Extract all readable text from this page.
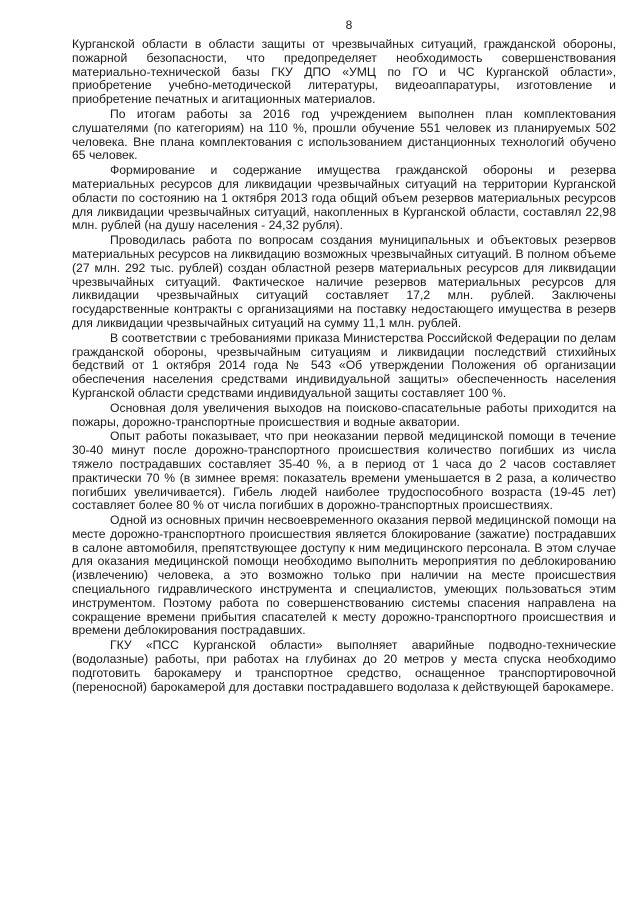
8

Курганской области в области защиты от чрезвычайных ситуаций, гражданской обороны, пожарной безопасности, что предопределяет необходимость совершенствования материально-технической базы ГКУ ДПО «УМЦ по ГО и ЧС Курганской области», приобретение учебно-методической литературы, видеоаппаратуры, изготовление и приобретение печатных и агитационных материалов.

По итогам работы за 2016 год учреждением выполнен план комплектования слушателями (по категориям) на 110 %, прошли обучение 551 человек из планируемых 502 человека. Вне плана комплектования с использованием дистанционных технологий обучено 65 человек.

Формирование и содержание имущества гражданской обороны и резерва материальных ресурсов для ликвидации чрезвычайных ситуаций на территории Курганской области по состоянию на 1 октября 2013 года общий объем резервов материальных ресурсов для ликвидации чрезвычайных ситуаций, накопленных в Курганской области, составлял 22,98 млн. рублей (на душу населения - 24,32 рубля).

Проводилась работа по вопросам создания муниципальных и объектовых резервов материальных ресурсов на ликвидацию возможных чрезвычайных ситуаций. В полном объеме (27 млн. 292 тыс. рублей) создан областной резерв материальных ресурсов для ликвидации чрезвычайных ситуаций. Фактическое наличие резервов материальных ресурсов для ликвидации чрезвычайных ситуаций составляет 17,2 млн. рублей. Заключены государственные контракты с организациями на поставку недостающего имущества в резерв для ликвидации чрезвычайных ситуаций на сумму 11,1 млн. рублей.

В соответствии с требованиями приказа Министерства Российской Федерации по делам гражданской обороны, чрезвычайным ситуациям и ликвидации последствий стихийных бедствий от 1 октября 2014 года № 543 «Об утверждении Положения об организации обеспечения населения средствами индивидуальной защиты» обеспеченность населения Курганской области средствами индивидуальной защиты составляет 100 %.

Основная доля увеличения выходов на поисково-спасательные работы приходится на пожары, дорожно-транспортные происшествия и водные акватории.

Опыт работы показывает, что при неоказании первой медицинской помощи в течение 30-40 минут после дорожно-транспортного происшествия количество погибших из числа тяжело пострадавших составляет 35-40 %, а в период от 1 часа до 2 часов составляет практически 70 % (в зимнее время: показатель времени уменьшается в 2 раза, а количество погибших увеличивается). Гибель людей наиболее трудоспособного возраста (19-45 лет) составляет более 80 % от числа погибших в дорожно-транспортных происшествиях.

Одной из основных причин несвоевременного оказания первой медицинской помощи на месте дорожно-транспортного происшествия является блокирование (зажатие) пострадавших в салоне автомобиля, препятствующее доступу к ним медицинского персонала. В этом случае для оказания медицинской помощи необходимо выполнить мероприятия по деблокированию (извлечению) человека, а это возможно только при наличии на месте происшествия специального гидравлического инструмента и специалистов, умеющих пользоваться этим инструментом. Поэтому работа по совершенствованию системы спасения направлена на сокращение времени прибытия спасателей к месту дорожно-транспортного происшествия и времени деблокирования пострадавших.

ГКУ «ПСС Курганской области» выполняет аварийные подводно-технические (водолазные) работы, при работах на глубинах до 20 метров у места спуска необходимо подготовить барокамеру и транспортное средство, оснащенное транспортировочной (переносной) барокамерой для доставки пострадавшего водолаза к действующей барокамере.
